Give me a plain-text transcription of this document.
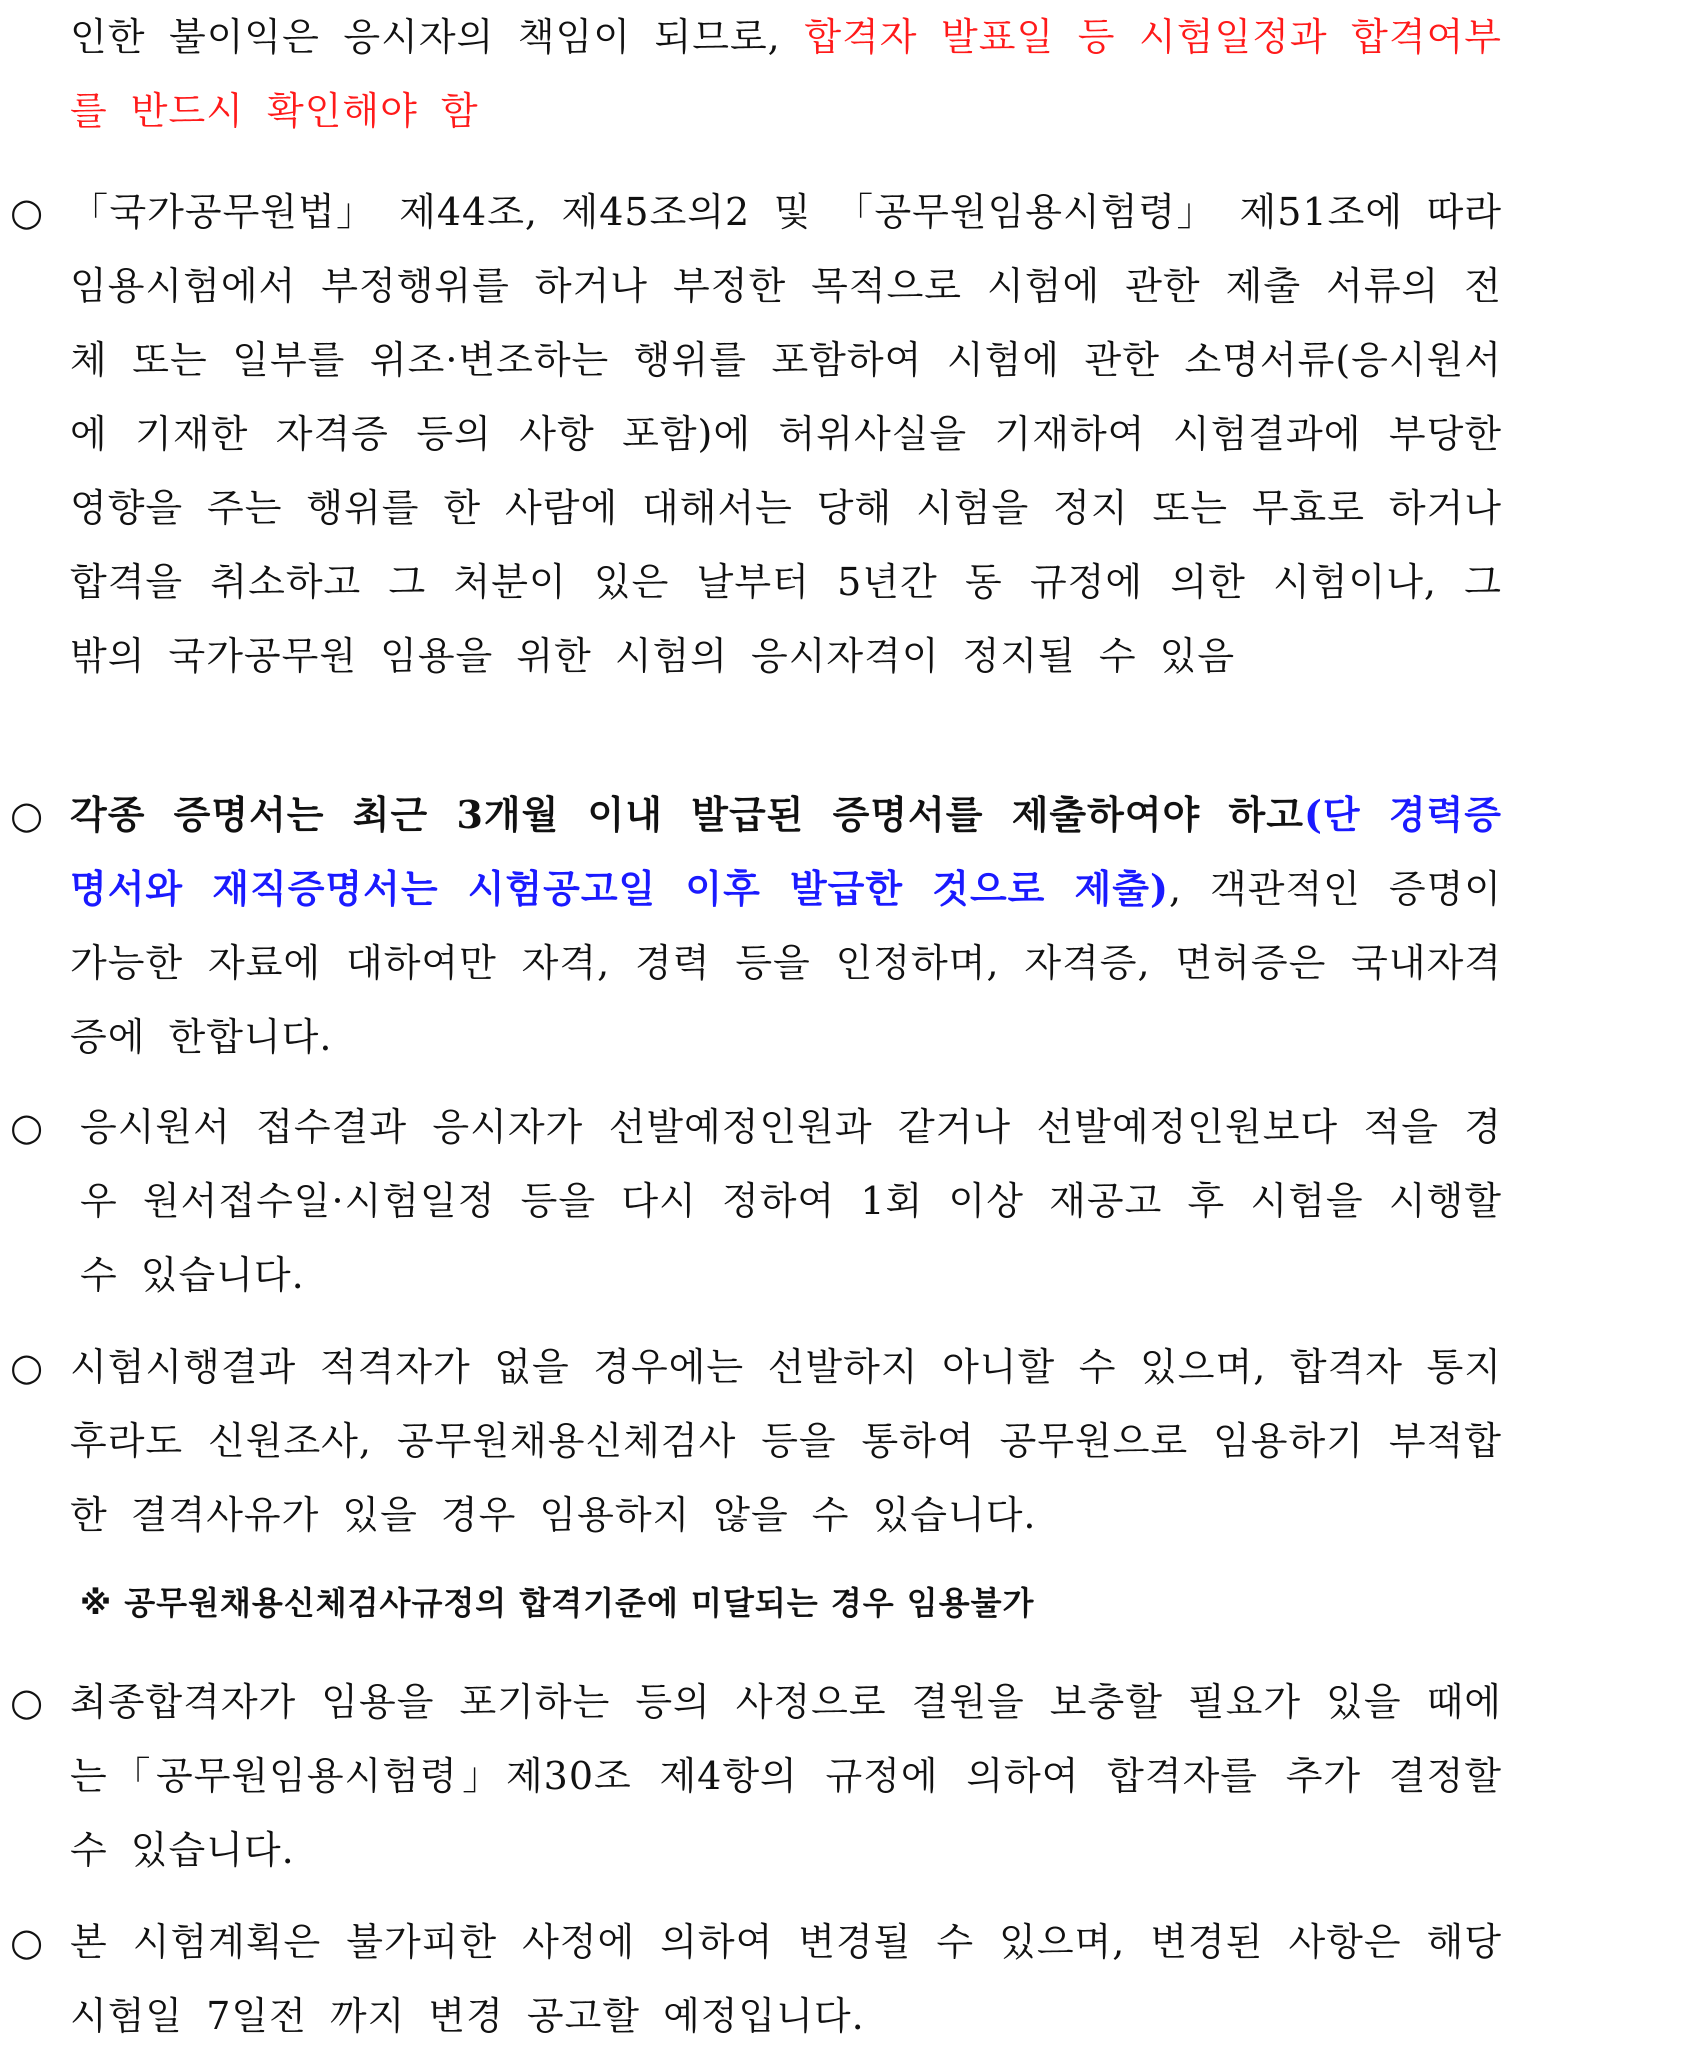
인한 불이익은 응시자의 책임이 되므로, 합격자 발표일 등 시험일정과 합격여부를 반드시 확인해야 함

○ 「국가공무원법」 제44조, 제45조의2 및 「공무원임용시험령」 제51조에 따라 임용시험에서 부정행위를 하거나 부정한 목적으로 시험에 관한 제출 서류의 전체 또는 일부를 위조·변조하는 행위를 포함하여 시험에 관한 소명서류(응시원서에 기재한 자격증 등의 사항 포함)에 허위사실을 기재하여 시험결과에 부당한 영향을 주는 행위를 한 사람에 대해서는 당해 시험을 정지 또는 무효로 하거나 합격을 취소하고 그 처분이 있은 날부터 5년간 동 규정에 의한 시험이나, 그 밖의 국가공무원 임용을 위한 시험의 응시자격이 정지될 수 있음

○ 각종 증명서는 최근 3개월 이내 발급된 증명서를 제출하여야 하고(단 경력증명서와 재직증명서는 시험공고일 이후 발급한 것으로 제출), 객관적인 증명이 가능한 자료에 대하여만 자격, 경력 등을 인정하며, 자격증, 면허증은 국내자격증에 한합니다.

○ 응시원서 접수결과 응시자가 선발예정인원과 같거나 선발예정인원보다 적을 경우 원서접수일·시험일정 등을 다시 정하여 1회 이상 재공고 후 시험을 시행할 수 있습니다.

○ 시험시행결과 적격자가 없을 경우에는 선발하지 아니할 수 있으며, 합격자 통지 후라도 신원조사, 공무원채용신체검사 등을 통하여 공무원으로 임용하기 부적합한 결격사유가 있을 경우 임용하지 않을 수 있습니다.

※ 공무원채용신체검사규정의 합격기준에 미달되는 경우 임용불가

○ 최종합격자가 임용을 포기하는 등의 사정으로 결원을 보충할 필요가 있을 때에는「공무원임용시험령」제30조 제4항의 규정에 의하여 합격자를 추가 결정할 수 있습니다.

○ 본 시험계획은 불가피한 사정에 의하여 변경될 수 있으며, 변경된 사항은 해당 시험일 7일전 까지 변경 공고할 예정입니다.
